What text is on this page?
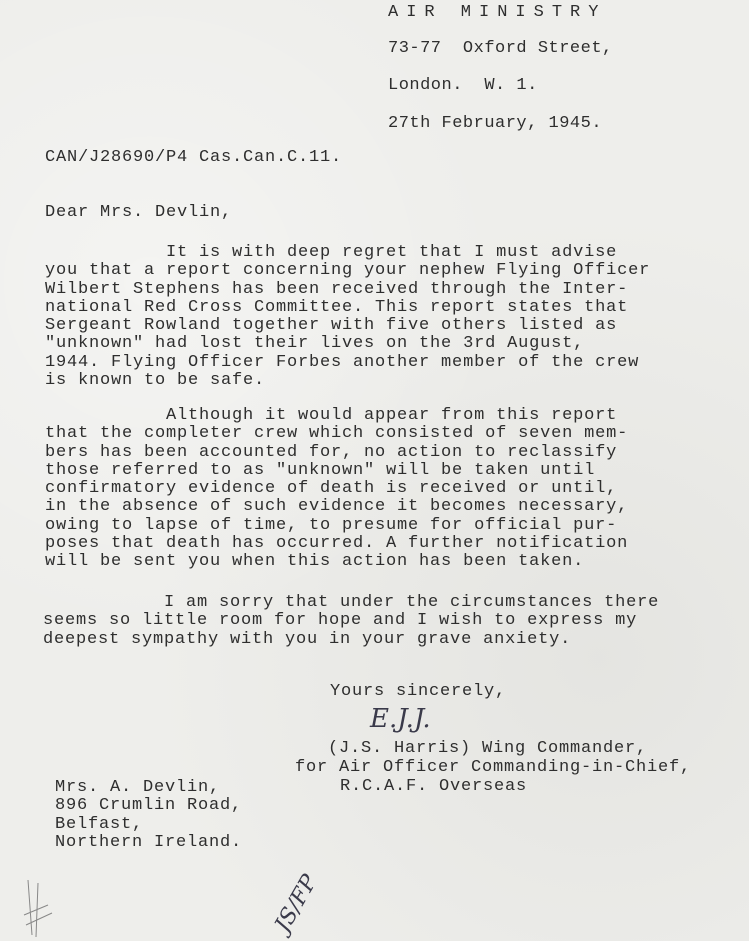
AIR MINISTRY
73-77  Oxford Street,
London.  W. 1.
27th February, 1945.
CAN/J28690/P4 Cas.Can.C.11.
Dear Mrs. Devlin,
It is with deep regret that I must advise
you that a report concerning your nephew Flying Officer
Wilbert Stephens has been received through the Inter-
national Red Cross Committee. This report states that
Sergeant Rowland together with five others listed as
"unknown" had lost their lives on the 3rd August,
1944. Flying Officer Forbes another member of the crew
is known to be safe.
Although it would appear from this report
that the completer crew which consisted of seven mem-
bers has been accounted for, no action to reclassify
those referred to as "unknown" will be taken until
confirmatory evidence of death is received or until,
in the absence of such evidence it becomes necessary,
owing to lapse of time, to presume for official pur-
poses that death has occurred. A further notification
will be sent you when this action has been taken.
I am sorry that under the circumstances there
seems so little room for hope and I wish to express my
deepest sympathy with you in your grave anxiety.
Yours sincerely,
E.J.J.
(J.S. Harris) Wing Commander,
for Air Officer Commanding-in-Chief,
R.C.A.F. Overseas
Mrs. A. Devlin,
896 Crumlin Road,
Belfast,
Northern Ireland.
JS/FP
